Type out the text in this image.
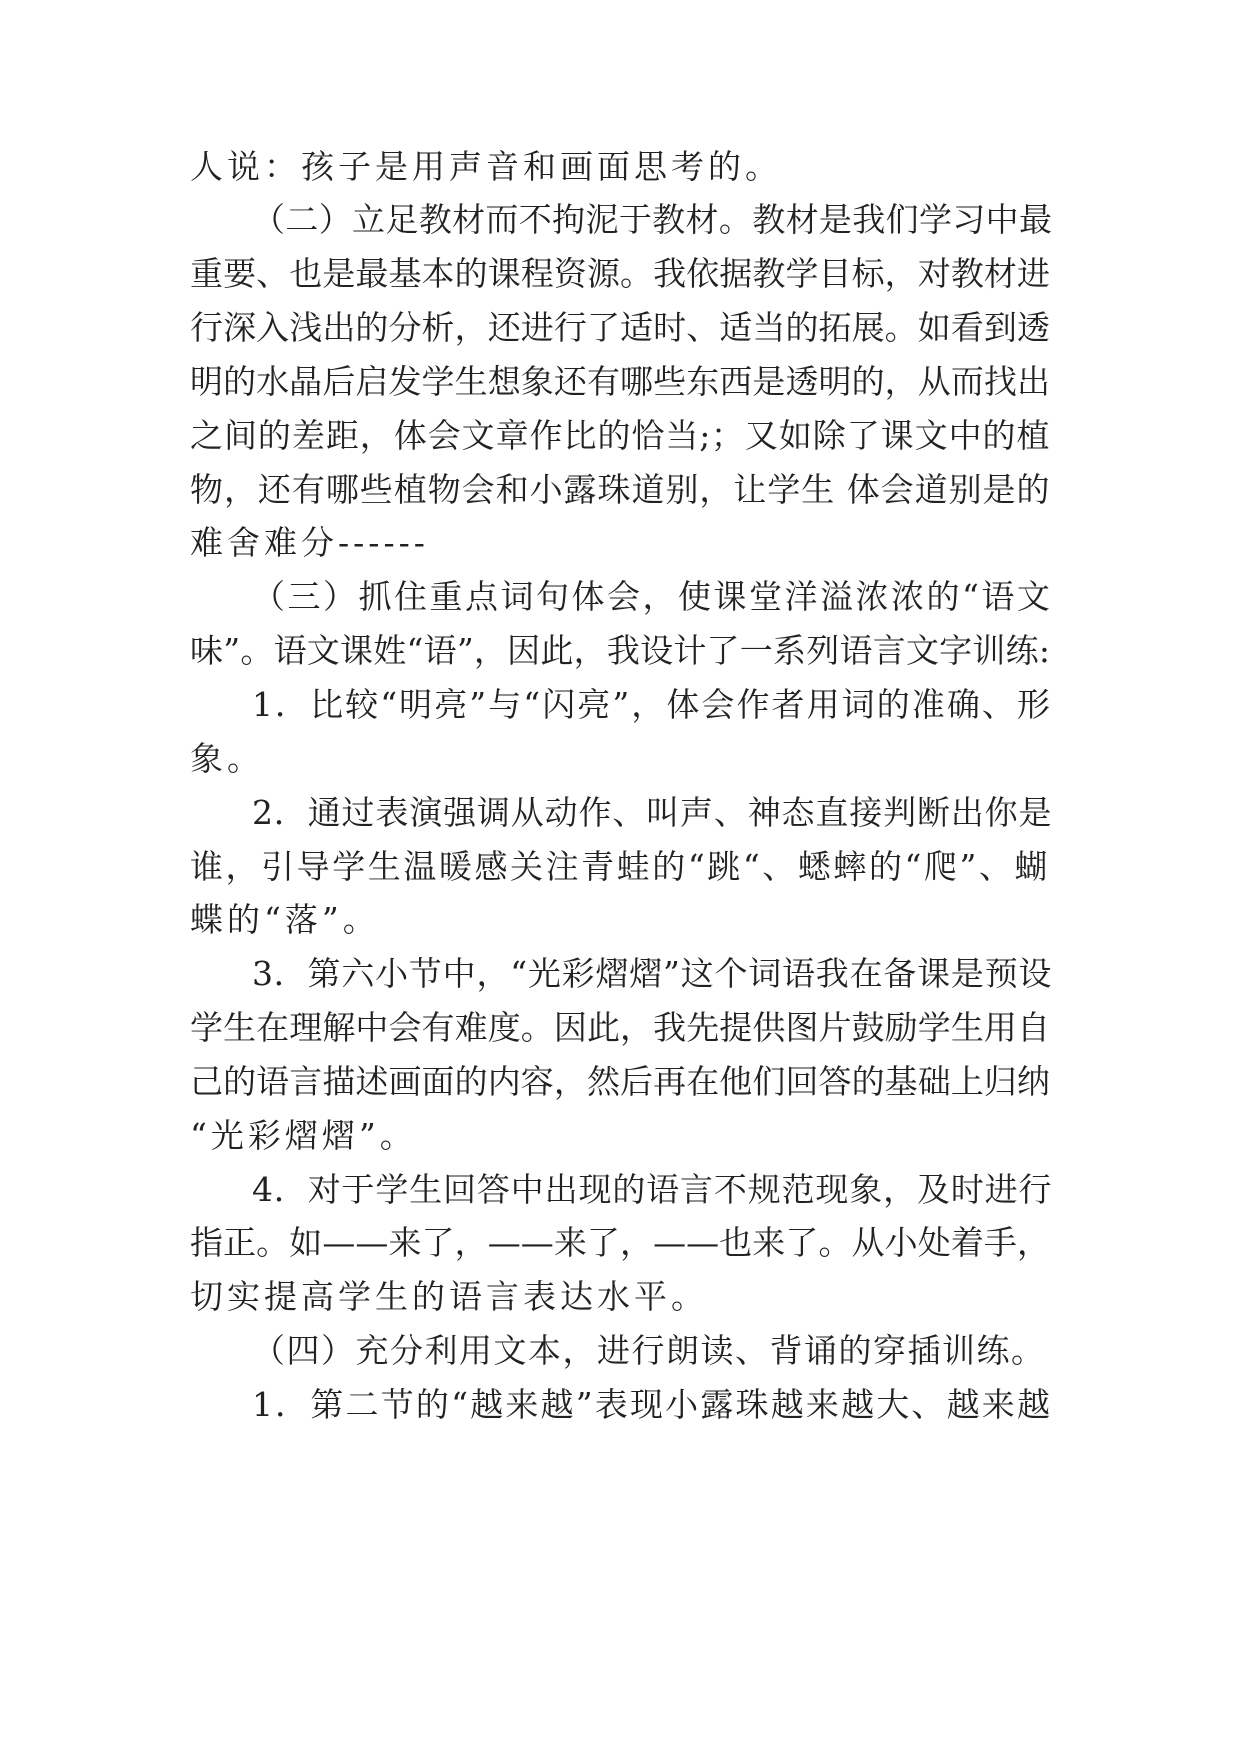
人说：孩子是用声音和画面思考的。
（二）立足教材而不拘泥于教材。教材是我们学习中最
重要、也是最基本的课程资源。我依据教学目标，对教材进
行深入浅出的分析，还进行了适时、适当的拓展。如看到透
明的水晶后启发学生想象还有哪些东西是透明的，从而找出
之间的差距，体会文章作比的恰当;；又如除了课文中的植
物，还有哪些植物会和小露珠道别，让学生 体会道别是的
难舍难分------
（三）抓住重点词句体会，使课堂洋溢浓浓的“语文
味”。语文课姓“语”，因此，我设计了一系列语言文字训练:
1．比较“明亮”与“闪亮”，体会作者用词的准确、形
象。
2．通过表演强调从动作、叫声、神态直接判断出你是
谁，引导学生温暖感关注青蛙的“跳“、蟋蟀的“爬”、蝴
蝶的“落”。
3．第六小节中，“光彩熠熠”这个词语我在备课是预设
学生在理解中会有难度。因此，我先提供图片鼓励学生用自
己的语言描述画面的内容，然后再在他们回答的基础上归纳
“光彩熠熠”。
4．对于学生回答中出现的语言不规范现象，及时进行
指正。如——来了，——来了，——也来了。从小处着手，
切实提高学生的语言表达水平。
（四）充分利用文本，进行朗读、背诵的穿插训练。
1．第二节的“越来越”表现小露珠越来越大、越来越
